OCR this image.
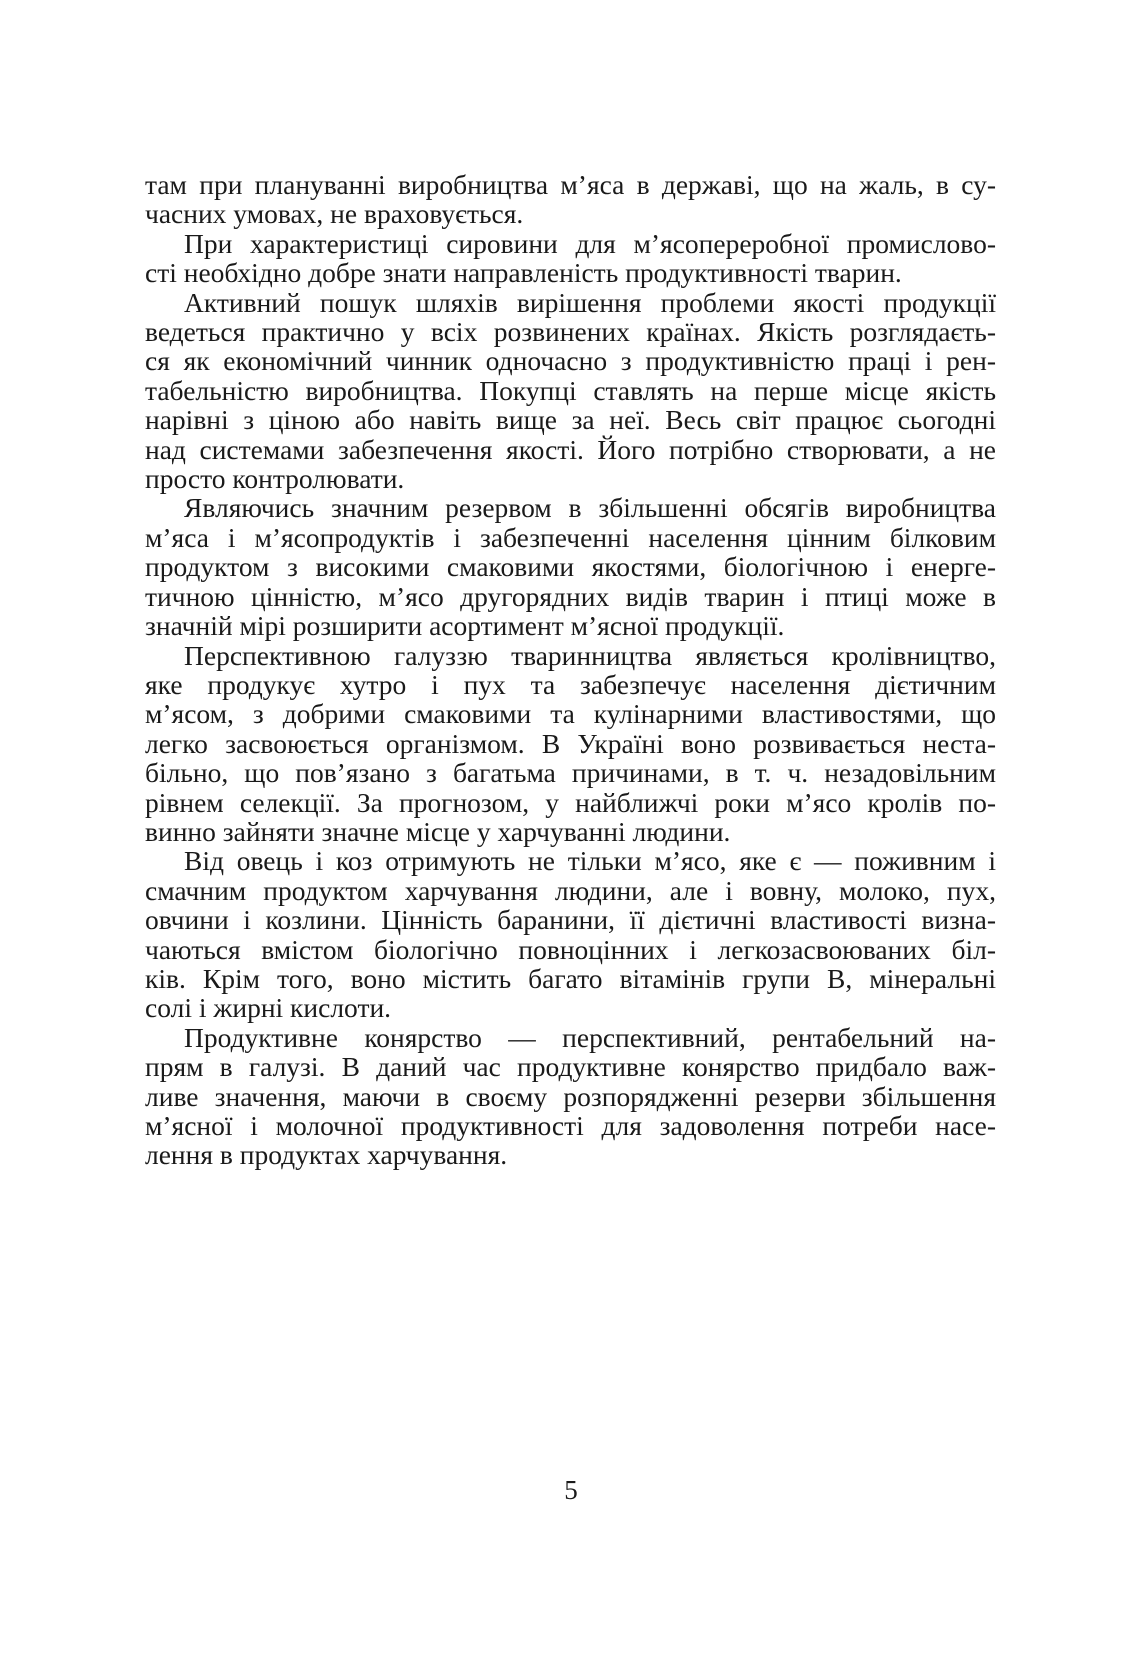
там при плануванні виробництва м’яса в державі, що на жаль, в су-
часних умовах, не враховується.
При характеристиці сировини для м’ясопереробної промислово-
сті необхідно добре знати направленість продуктивності тварин.
Активний пошук шляхів вирішення проблеми якості продукції
ведеться практично у всіх розвинених країнах. Якість розглядаєть-
ся як економічний чинник одночасно з продуктивністю праці і рен-
табельністю виробництва. Покупці ставлять на перше місце якість
нарівні з ціною або навіть вище за неї. Весь світ працює сьогодні
над системами забезпечення якості. Його потрібно створювати, а не
просто контролювати.
Являючись значним резервом в збільшенні обсягів виробництва
м’яса і м’ясопродуктів і забезпеченні населення цінним білковим
продуктом з високими смаковими якостями, біологічною і енерге-
тичною цінністю, м’ясо другорядних видів тварин і птиці може в
значній мірі розширити асортимент м’ясної продукції.
Перспективною галуззю тваринництва являється кролівництво,
яке продукує хутро і пух та забезпечує населення дієтичним
м’ясом, з добрими смаковими та кулінарними властивостями, що
легко засвоюється організмом. В Україні воно розвивається неста-
більно, що пов’язано з багатьма причинами, в т. ч. незадовільним
рівнем селекції. За прогнозом, у найближчі роки м’ясо кролів по-
винно зайняти значне місце у харчуванні людини.
Від овець і коз отримують не тільки м’ясо, яке є — поживним і
смачним продуктом харчування людини, але і вовну, молоко, пух,
овчини і козлини. Цінність баранини, її дієтичні властивості визна-
чаються вмістом біологічно повноцінних і легкозасвоюваних біл-
ків. Крім того, воно містить багато вітамінів групи В, мінеральні
солі і жирні кислоти.
Продуктивне конярство — перспективний, рентабельний на-
прям в галузі. В даний час продуктивне конярство придбало важ-
ливе значення, маючи в своєму розпорядженні резерви збільшення
м’ясної і молочної продуктивності для задоволення потреби насе-
лення в продуктах харчування.
5
